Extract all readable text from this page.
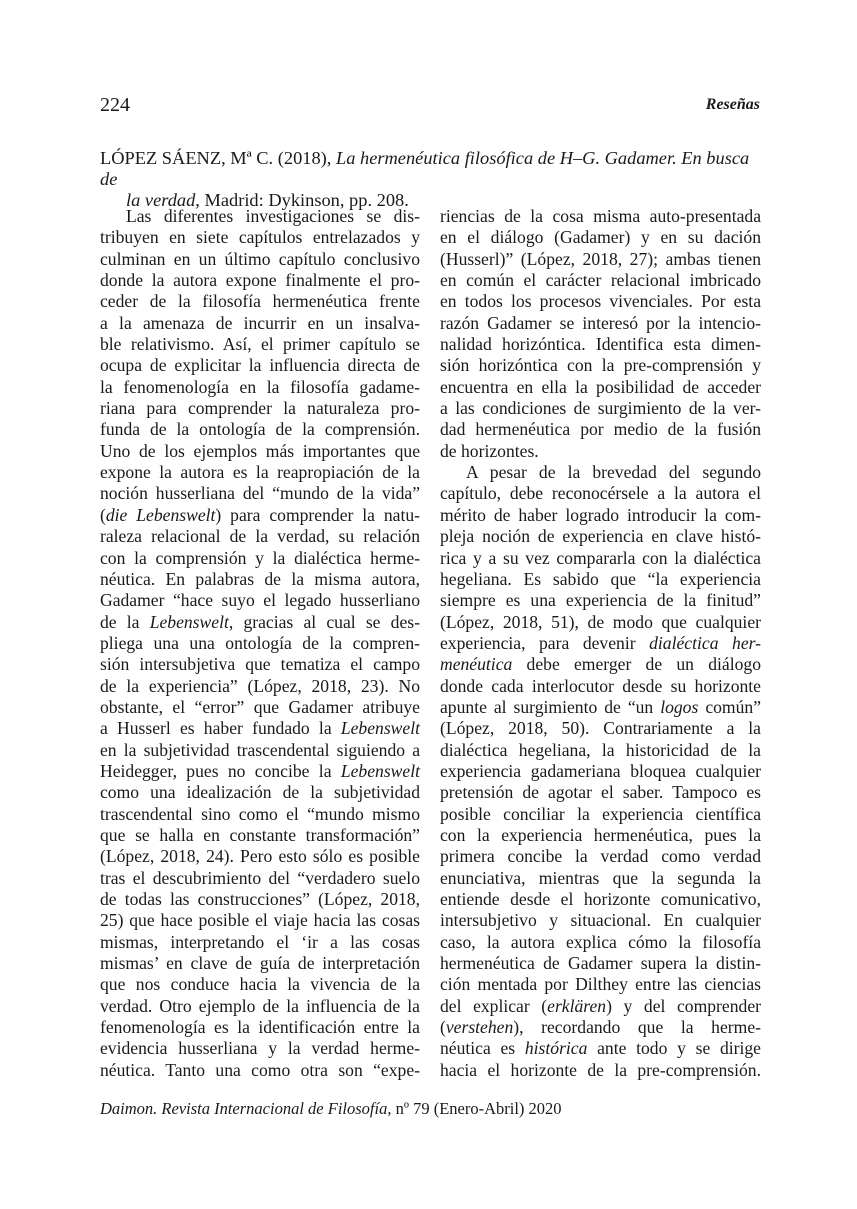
224	Reseñas
LÓPEZ SÁENZ, Mª C. (2018), La hermenéutica filosófica de H–G. Gadamer. En busca de
la verdad, Madrid: Dykinson, pp. 208.
Las diferentes investigaciones se dis-
tribuyen en siete capítulos entrelazados y
culminan en un último capítulo conclusivo
donde la autora expone finalmente el pro-
ceder de la filosofía hermenéutica frente
a la amenaza de incurrir en un insalva-
ble relativismo. Así, el primer capítulo se
ocupa de explicitar la influencia directa de
la fenomenología en la filosofía gadame-
riana para comprender la naturaleza pro-
funda de la ontología de la comprensión.
Uno de los ejemplos más importantes que
expone la autora es la reapropiación de la
noción husserliana del “mundo de la vida”
(die Lebenswelt) para comprender la natu-
raleza relacional de la verdad, su relación
con la comprensión y la dialéctica herme-
néutica. En palabras de la misma autora,
Gadamer “hace suyo el legado husserliano
de la Lebenswelt, gracias al cual se des-
pliega una una ontología de la compren-
sión intersubjetiva que tematiza el campo
de la experiencia” (López, 2018, 23). No
obstante, el “error” que Gadamer atribuye
a Husserl es haber fundado la Lebenswelt
en la subjetividad trascendental siguiendo a
Heidegger, pues no concibe la Lebenswelt
como una idealización de la subjetividad
trascendental sino como el “mundo mismo
que se halla en constante transformación”
(López, 2018, 24). Pero esto sólo es posible
tras el descubrimiento del “verdadero suelo
de todas las construcciones” (López, 2018,
25) que hace posible el viaje hacia las cosas
mismas, interpretando el ‘ir a las cosas
mismas’ en clave de guía de interpretación
que nos conduce hacia la vivencia de la
verdad. Otro ejemplo de la influencia de la
fenomenología es la identificación entre la
evidencia husserliana y la verdad herme-
néutica. Tanto una como otra son “expe-
riencias de la cosa misma auto-presentada
en el diálogo (Gadamer) y en su dación
(Husserl)” (López, 2018, 27); ambas tienen
en común el carácter relacional imbricado
en todos los procesos vivenciales. Por esta
razón Gadamer se interesó por la intencio-
nalidad horizóntica. Identifica esta dimen-
sión horizóntica con la pre-comprensión y
encuentra en ella la posibilidad de acceder
a las condiciones de surgimiento de la ver-
dad hermenéutica por medio de la fusión
de horizontes.
A pesar de la brevedad del segundo
capítulo, debe reconocérsele a la autora el
mérito de haber logrado introducir la com-
pleja noción de experiencia en clave histó-
rica y a su vez compararla con la dialéctica
hegeliana. Es sabido que “la experiencia
siempre es una experiencia de la finitud”
(López, 2018, 51), de modo que cualquier
experiencia, para devenir dialéctica her-
menéutica debe emerger de un diálogo
donde cada interlocutor desde su horizonte
apunte al surgimiento de “un logos común”
(López, 2018, 50). Contrariamente a la
dialéctica hegeliana, la historicidad de la
experiencia gadameriana bloquea cualquier
pretensión de agotar el saber. Tampoco es
posible conciliar la experiencia científica
con la experiencia hermenéutica, pues la
primera concibe la verdad como verdad
enunciativa, mientras que la segunda la
entiende desde el horizonte comunicativo,
intersubjetivo y situacional. En cualquier
caso, la autora explica cómo la filosofía
hermenéutica de Gadamer supera la distin-
ción mentada por Dilthey entre las ciencias
del explicar (erklären) y del comprender
(verstehen), recordando que la herme-
néutica es histórica ante todo y se dirige
hacia el horizonte de la pre-comprensión.
Daimon. Revista Internacional de Filosofía, nº 79 (Enero-Abril) 2020
